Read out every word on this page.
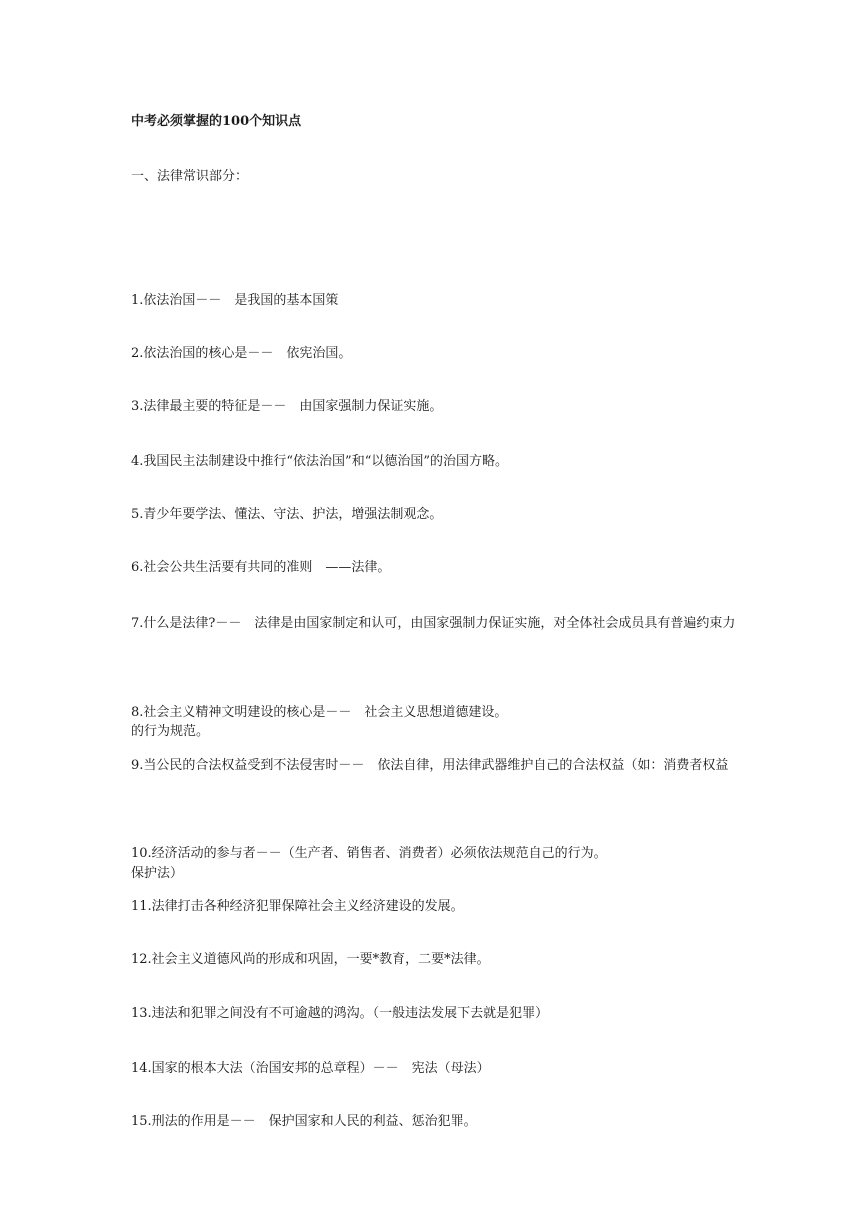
中考必须掌握的100个知识点
一、法律常识部分：

1.依法治国－－　是我国的基本国策

2.依法治国的核心是－－　依宪治国。

3.法律最主要的特征是－－　由国家强制力保证实施。

4.我国民主法制建设中推行“依法治国”和“以德治国”的治国方略。

5.青少年要学法、懂法、守法、护法，增强法制观念。

6.社会公共生活要有共同的准则　——法律。

7.什么是法律?－－　法律是由国家制定和认可，由国家强制力保证实施，对全体社会成员具有普遍约束力

的行为规范。

8.社会主义精神文明建设的核心是－－　社会主义思想道德建设。

9.当公民的合法权益受到不法侵害时－－　依法自律，用法律武器维护自己的合法权益（如：消费者权益

保护法）

10.经济活动的参与者－－（生产者、销售者、消费者）必须依法规范自己的行为。

11.法律打击各种经济犯罪保障社会主义经济建设的发展。

12.社会主义道德风尚的形成和巩固，一要*教育，二要*法律。

13.违法和犯罪之间没有不可逾越的鸿沟。（一般违法发展下去就是犯罪）

14.国家的根本大法（治国安邦的总章程）－－　宪法（母法）

15.刑法的作用是－－　保护国家和人民的利益、惩治犯罪。
